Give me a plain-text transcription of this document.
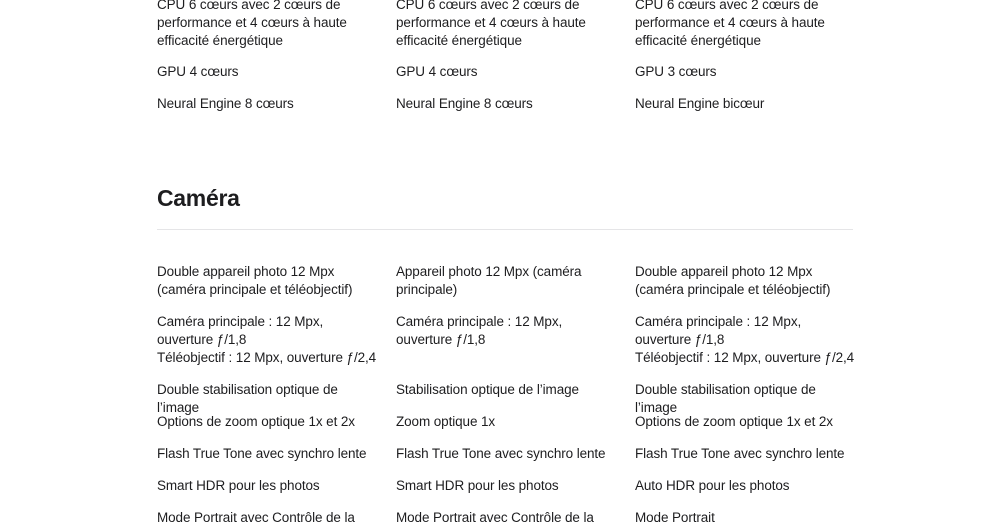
CPU 6 cœurs avec 2 cœurs de performance et 4 cœurs à haute efficacité énergétique
GPU 4 cœurs
Neural Engine 8 cœurs
Double appareil photo 12 Mpx (caméra principale et téléobjectif)
Caméra principale : 12 Mpx, ouverture ƒ/1,8
Téléobjectif : 12 Mpx, ouverture ƒ/2,4
Double stabilisation optique de l’image
Options de zoom optique 1x et 2x
Flash True Tone avec synchro lente
Smart HDR pour les photos
Mode Portrait avec Contrôle de la
CPU 6 cœurs avec 2 cœurs de performance et 4 cœurs à haute efficacité énergétique
GPU 4 cœurs
Neural Engine 8 cœurs
Appareil photo 12 Mpx (caméra principale)
Caméra principale : 12 Mpx, ouverture ƒ/1,8
Stabilisation optique de l’image
Zoom optique 1x
Flash True Tone avec synchro lente
Smart HDR pour les photos
Mode Portrait avec Contrôle de la
CPU 6 cœurs avec 2 cœurs de performance et 4 cœurs à haute efficacité énergétique
GPU 3 cœurs
Neural Engine bicœur
Double appareil photo 12 Mpx (caméra principale et téléobjectif)
Caméra principale : 12 Mpx, ouverture ƒ/1,8
Téléobjectif : 12 Mpx, ouverture ƒ/2,4
Double stabilisation optique de l’image
Options de zoom optique 1x et 2x
Flash True Tone avec synchro lente
Auto HDR pour les photos
Mode Portrait
Caméra
